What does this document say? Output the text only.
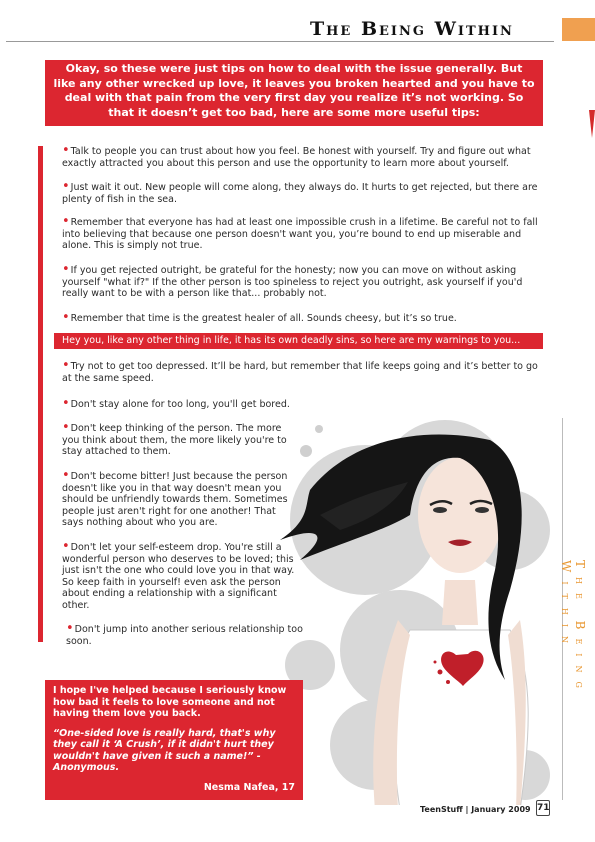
The Being Within
Okay, so these were just tips on how to deal with the issue generally. But like any other wrecked up love, it leaves you broken hearted and you have to deal with that pain from the very first day you realize it’s not working. So that it doesn’t get too bad, here are some more useful tips:
•Talk to people you can trust about how you feel. Be honest with yourself. Try and figure out what exactly attracted you about this person and use the opportunity to learn more about yourself.
•Just wait it out. New people will come along, they always do. It hurts to get rejected, but there are plenty of fish in the sea.
•Remember that everyone has had at least one impossible crush in a lifetime. Be careful not to fall into believing that because one person doesn't want you, you’re bound to end up miserable and alone. This is simply not true.
•If you get rejected outright, be grateful for the honesty; now you can move on without asking yourself "what if?" If the other person is too spineless to reject you outright, ask yourself if you'd really want to be with a person like that... probably not.
•Remember that time is the greatest healer of all. Sounds cheesy, but it’s so true.
Hey you, like any other thing in life, it has its own deadly sins, so here are my warnings to you...
•Try not to get too depressed. It’ll be hard, but remember that life keeps going and it’s better to go at the same speed.
•Don't stay alone for too long, you'll get bored.
•Don't keep thinking of the person. The more you think about them, the more likely you're to stay attached to them.
•Don't become bitter! Just because the person doesn't like you in that way doesn't mean you should be unfriendly towards them. Sometimes people just aren't right for one another! That says nothing about who you are.
•Don't let your self-esteem drop. You're still a wonderful person who deserves to be loved; this just isn't the one who could love you in that way. So keep faith in yourself! even ask the person about ending a relationship with a significant other.
•Don't jump into another serious relationship too soon.	The Being Within

I hope I've helped because I seriously know how bad it feels to love someone and not having them love you back.

“One-sided love is really hard, that's why they call it ‘A Crush’, if it didn't hurt they wouldn't have given it such a name!” - Anonymous.

Nesma Nafea, 17
TeenStuff | January 2009 71
